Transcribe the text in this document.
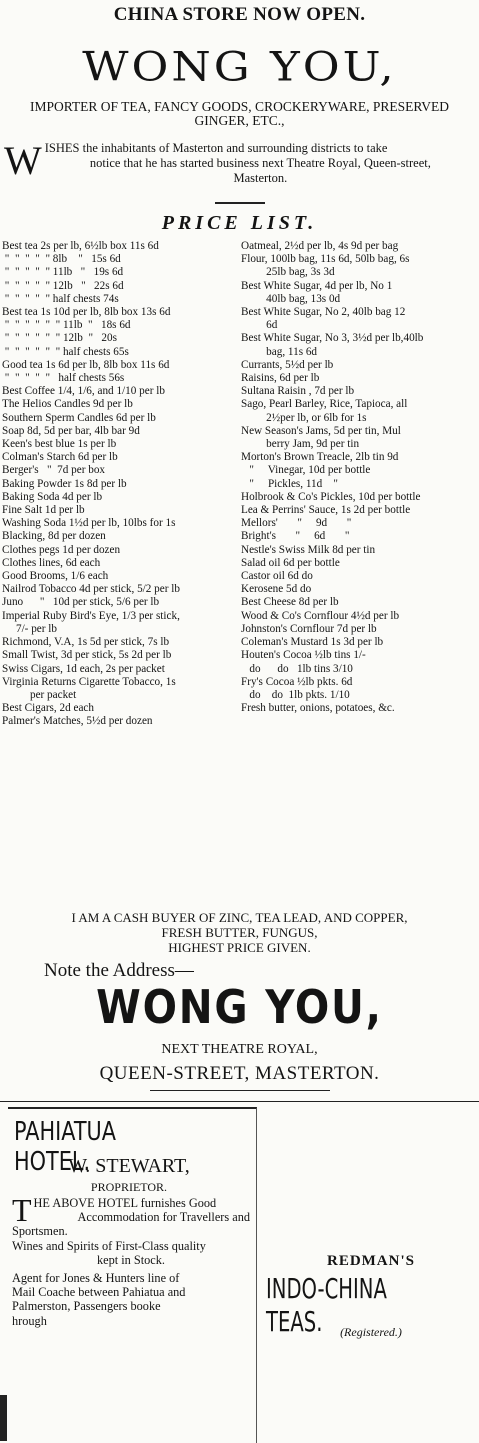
CHINA STORE NOW OPEN.
WONG YOU,
IMPORTER OF TEA, FANCY GOODS, CROCKERYWARE, PRESERVED
GINGER, ETC.,
W ISHES the inhabitants of Masterton and surrounding districts to take
notice that he has started business next Theatre Royal, Queen-street,
Masterton.
PRICE LIST.
Best tea 2s per lb, 6½lb box 11s 6d
"  "  "  "  " 8lb    "   15s 6d
"  "  "  "  " 11lb   "   19s 6d
"  "  "  "  " 12lb   "   22s 6d
"  "  "  "  " half chests 74s
Best tea 1s 10d per lb, 8lb box 13s 6d
"  "  "  "  "  " 11lb  "   18s 6d
"  "  "  "  "  " 12lb  "   20s
"  "  "  "  "  " half chests 65s
Good tea 1s 6d per lb, 8lb box 11s 6d
"  "  "  "  "   half chests 56s
Best Coffee 1/4, 1/6, and 1/10 per lb
The Helios Candles 9d per lb
Southern Sperm Candles 6d per lb
Soap 8d, 5d per bar, 4lb bar 9d
Keen's best blue 1s per lb
Colman's Starch 6d per lb
Berger's   "  7d per box
Baking Powder 1s 8d per lb
Baking Soda 4d per lb
Fine Salt 1d per lb
Washing Soda 1½d per lb, 10lbs for 1s
Blacking, 8d per dozen
Clothes pegs 1d per dozen
Clothes lines, 6d each
Good Brooms, 1/6 each
Nailrod Tobacco 4d per stick, 5/2 per lb
Juno      "   10d per stick, 5/6 per lb
Imperial Ruby Bird's Eye, 1/3 per stick,
7/- per lb
Richmond, V.A, 1s 5d per stick, 7s lb
Small Twist, 3d per stick, 5s 2d per lb
Swiss Cigars, 1d each, 2s per packet
Virginia Returns Cigarette Tobacco, 1s
per packet
Best Cigars, 2d each
Palmer's Matches, 5½d per dozen
Oatmeal, 2½d per lb, 4s 9d per bag
Flour, 100lb bag, 11s 6d, 50lb bag, 6s
25lb bag, 3s 3d
Best White Sugar, 4d per lb, No 1
40lb bag, 13s 0d
Best White Sugar, No 2, 40lb bag 12
6d
Best White Sugar, No 3, 3½d per lb,40lb
bag, 11s 6d
Currants, 5½d per lb
Raisins, 6d per lb
Sultana Raisin , 7d per lb
Sago, Pearl Barley, Rice, Tapioca, all
2½per lb, or 6lb for 1s
New Season's Jams, 5d per tin, Mul
berry Jam, 9d per tin
Morton's Brown Treacle, 2lb tin 9d
"     Vinegar, 10d per bottle
"     Pickles, 11d    "
Holbrook & Co's Pickles, 10d per bottle
Lea & Perrins' Sauce, 1s 2d per bottle
Mellors'       "     9d       "
Bright's       "     6d       "
Nestle's Swiss Milk 8d per tin
Salad oil 6d per bottle
Castor oil 6d do
Kerosene 5d do
Best Cheese 8d per lb
Wood & Co's Cornflour 4½d per lb
Johnston's Cornflour 7d per lb
Coleman's Mustard 1s 3d per lb
Houten's Cocoa ½lb tins 1/-
do      do   1lb tins 3/10
Fry's Cocoa ½lb pkts. 6d
do    do  1lb pkts. 1/10
Fresh butter, onions, potatoes, &c.
I AM A CASH BUYER OF ZINC, TEA LEAD, AND COPPER,
FRESH BUTTER, FUNGUS,
HIGHEST PRICE GIVEN.
Note the Address—
WONG YOU,
NEXT THEATRE ROYAL,
QUEEN-STREET, MASTERTON.
PAHIATUA HOTEL.
W. STEWART,
PROPRIETOR.
T HE ABOVE HOTEL furnishes Good
Accommodation for Travellers and
Sportsmen.
Wines and Spirits of First-Class quality
kept in Stock.
Agent for Jones & Hunters line of
Mail Coache between Pahiatua and
Palmerston, Passengers booke
hrough
REDMAN'S
INDO-CHINA TEAS.	(Registered.)
